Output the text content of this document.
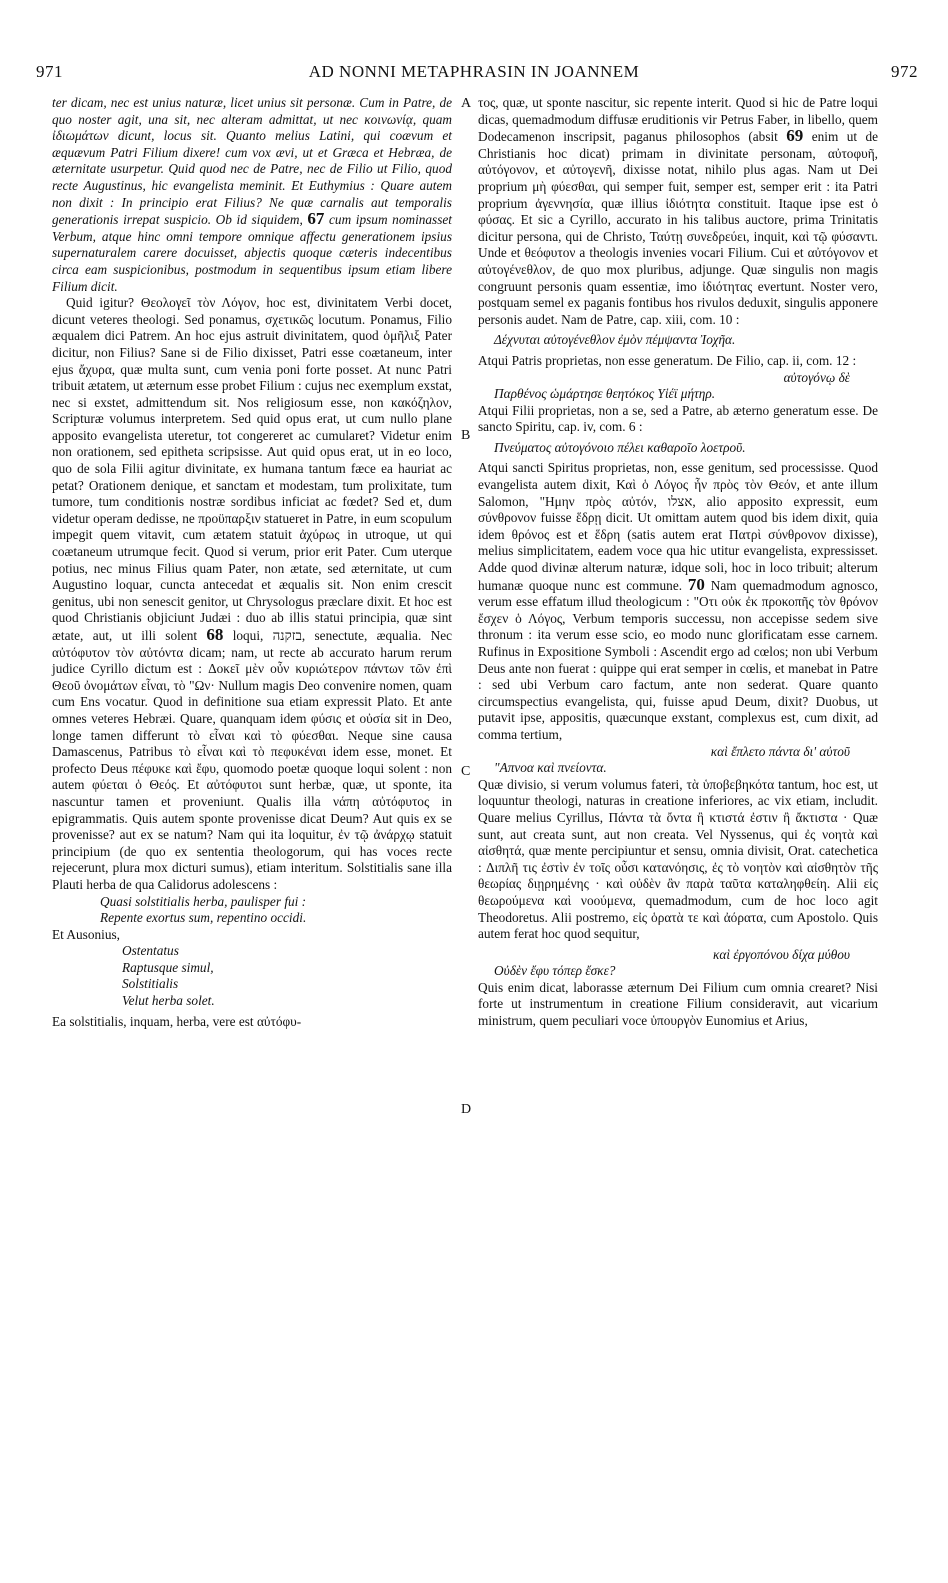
971	AD NONNI METAPHRASIN IN JOANNEM	972
A
B
C
D

ter dicam, nec est unius naturæ, licet unius sit personæ. Cum in Patre, de quo noster agit, una sit, nec alteram admittat, ut nec κοινωνίᾳ, quam ἰδιωμάτων dicunt, locus sit. Quanto melius Latini, qui coævum et æquævum Patri Filium dixere! cum vox ævi, ut et Græca et Hebræa, de æternitate usurpetur. Quid quod nec de Patre, nec de Filio ut Filio, quod recte Augustinus, hic evangelista meminit. Et Euthymius : Quare autem non dixit : In principio erat Filius? Ne quæ carnalis aut temporalis generationis irrepat suspicio. Ob id siquidem, 67 cum ipsum nominasset Verbum, atque hinc omni tempore omnique affectu generationem ipsius supernaturalem carere docuisset, abjectis quoque cæteris indecentibus circa eam suspicionibus, postmodum in sequentibus ipsum etiam libere Filium dicit.

Quid igitur? Θεολογεῖ τὸν Λόγον, hoc est, divinitatem Verbi docet, dicunt veteres theologi. Sed ponamus, σχετικῶς locutum. Ponamus, Filio æqualem dici Patrem. An hoc ejus astruit divinitatem, quod ὁμῆλιξ Pater dicitur, non Filius? Sane si de Filio dixisset, Patri esse coætaneum, inter ejus ἄχυρα, quæ multa sunt, cum venia poni forte posset. At nunc Patri tribuit ætatem, ut æternum esse probet Filium : cujus nec exemplum exstat, nec si exstet, admittendum sit. Nos religiosum esse, non κακόζηλον, Scripturæ volumus interpretem. Sed quid opus erat, ut cum nullo plane apposito evangelista uteretur, tot congereret ac cumularet? Videtur enim non orationem, sed epitheta scripsisse. Aut quid opus erat, ut in eo loco, quo de sola Filii agitur divinitate, ex humana tantum fæce ea hauriat ac petat? Orationem denique, et sanctam et modestam, tum prolixitate, tum tumore, tum conditionis nostræ sordibus inficiat ac fœdet? Sed et, dum videtur operam dedisse, ne προϋπαρξιν statueret in Patre, in eum scopulum impegit quem vitavit, cum ætatem statuit ἀχύρως in utroque, ut qui coætaneum utrumque fecit. Quod si verum, prior erit Pater. Cum uterque potius, nec minus Filius quam Pater, non ætate, sed æternitate, ut cum Augustino loquar, cuncta antecedat et æqualis sit. Non enim crescit genitus, ubi non senescit genitor, ut Chrysologus præclare dixit. Et hoc est quod Christianis objiciunt Judæi : duo ab illis statui principia, quæ sint ætate, aut, ut illi solent 68 loqui, בזקנה, senectute, æqualia. Nec αὐτόφυτον τὸν αὐτόντα dicam; nam, ut recte ab accurato harum rerum judice Cyrillo dictum est : Δοκεῖ μὲν οὖν κυριώτερον πάντων τῶν ἐπὶ Θεοῦ ὀνομάτων εἶναι, τὸ "Ων· Nullum magis Deo convenire nomen, quam cum Ens vocatur. Quod in definitione sua etiam expressit Plato. Et ante omnes veteres Hebræi. Quare, quanquam idem φύσις et οὐσία sit in Deo, longe tamen differunt τὸ εἶναι καὶ τὸ φύεσθαι. Neque sine causa Damascenus, Patribus τὸ εἶναι καὶ τὸ πεφυκέναι idem esse, monet. Et profecto Deus πέφυκε καὶ ἔφυ, quomodo poetæ quoque loqui solent : non autem φύεται ὁ Θεός. Et αὐτόφυτοι sunt herbæ, quæ, ut sponte, ita nascuntur tamen et proveniunt. Qualis illa νάπη αὐτόφυτος in epigrammatis. Quis autem sponte provenisse dicat Deum? Aut quis ex se provenisse? aut ex se natum? Nam qui ita loquitur, ἐν τῷ ἀνάρχῳ statuit principium (de quo ex sententia theologorum, qui has voces recte rejecerunt, plura mox dicturi sumus), etiam interitum. Solstitialis sane illa Plauti herba de qua Calidorus adolescens :

Quasi solstitialis herba, paulisper fui :
Repente exortus sum, repentino occidi.

Et Ausonius,

Ostentatus
Raptusque simul,
Solstitialis
Velut herba solet.

Ea solstitialis, inquam, herba, vere est αὐτόφυ-

τος, quæ, ut sponte nascitur, sic repente interit. Quod si hic de Patre loqui dicas, quemadmodum diffusæ eruditionis vir Petrus Faber, in libello, quem Dodecamenon inscripsit, paganus philosophos (absit 69 enim ut de Christianis hoc dicat) primam in divinitate personam, αὐτοφυῆ, αὐτόγονον, et αὐτογενῆ, dixisse notat, nihilo plus agas. Nam ut Dei proprium μὴ φύεσθαι, qui semper fuit, semper est, semper erit : ita Patri proprium ἀγεννησία, quæ illius ἰδιότητα constituit. Itaque ipse est ὁ φύσας. Et sic a Cyrillo, accurato in his talibus auctore, prima Trinitatis dicitur persona, qui de Christo, Ταύτῃ συνεδρεύει, inquit, καὶ τῷ φύσαντι. Unde et θεόφυτον a theologis invenies vocari Filium. Cui et αὐτόγονον et αὐτογένεθλον, de quo mox pluribus, adjunge. Quæ singulis non magis congruunt personis quam essentiæ, imo ἰδιότητας evertunt. Noster vero, postquam semel ex paganis fontibus hos rivulos deduxit, singulis apponere personis audet. Nam de Patre, cap. xiii, com. 10 :

Δέχνυται αὐτογένεθλον ἐμὸν πέμψαντα Ἰοχῆα.

Atqui Patris proprietas, non esse generatum. De Filio, cap. ii, com. 12 :

αὐτογόνῳ δὲ
Παρθένος ὡμάρτησε θεητόκος Υἱέϊ μήτηρ.

Atqui Filii proprietas, non a se, sed a Patre, ab æterno generatum esse. De sancto Spiritu, cap. iv, com. 6 :

Πνεύματος αὐτογόνοιο πέλει καθαροῖο λοετροῦ.

Atqui sancti Spiritus proprietas, non, esse genitum, sed processisse. Quod evangelista autem dixit, Καὶ ὁ Λόγος ἦν πρὸς τὸν Θεόν, et ante illum Salomon, "Ημην πρὸς αὐτόν, אצלו, alio apposito expressit, eum σύνθρονον fuisse ἕδρῃ dicit. Ut omittam autem quod bis idem dixit, quia idem θρόνος est et ἕδρη (satis autem erat Πατρὶ σύνθρονον dixisse), melius simplicitatem, eadem voce qua hic utitur evangelista, expressisset. Adde quod divinæ alterum naturæ, idque soli, hoc in loco tribuit; alterum humanæ quoque nunc est commune. 70 Nam quemadmodum agnosco, verum esse effatum illud theologicum : "Οτι οὐκ ἐκ προκοπῆς τὸν θρόνον ἔσχεν ὁ Λόγος, Verbum temporis successu, non accepisse sedem sive thronum : ita verum esse scio, eo modo nunc glorificatam esse carnem. Rufinus in Expositione Symboli : Ascendit ergo ad cœlos; non ubi Verbum Deus ante non fuerat : quippe qui erat semper in cœlis, et manebat in Patre : sed ubi Verbum caro factum, ante non sederat. Quare quanto circumspectius evangelista, qui, fuisse apud Deum, dixit? Duobus, ut putavit ipse, appositis, quæcunque exstant, complexus est, cum dixit, ad comma tertium,

καὶ ἔπλετο πάντα δι' αὐτοῦ
"Απνοα καὶ πνείοντα.

Quæ divisio, si verum volumus fateri, τὰ ὑποβεβηκότα tantum, hoc est, ut loquuntur theologi, naturas in creatione inferiores, ac vix etiam, includit. Quare melius Cyrillus, Πάντα τὰ ὄντα ἢ κτιστά ἐστιν ἢ ἄκτιστα · Quæ sunt, aut creata sunt, aut non creata. Vel Nyssenus, qui ἐς νοητὰ καὶ αἰσθητά, quæ mente percipiuntur et sensu, omnia divisit, Orat. catechetica : Διπλῆ τις ἐστὶν ἐν τοῖς οὖσι κατανόησις, ἐς τὸ νοητὸν καὶ αἰσθητὸν τῆς θεωρίας διῃρημένης · καὶ οὐδὲν ἂν παρὰ ταῦτα καταληφθείη. Alii εἰς θεωρούμενα καὶ νοούμενα, quemadmodum, cum de hoc loco agit Theodoretus. Alii postremo, εἰς ὁρατὰ τε καὶ ἀόρατα, cum Apostolo. Quis autem ferat hoc quod sequitur,

καὶ ἐργοπόνου δίχα μύθου
Οὐδὲν ἔφυ τόπερ ἔσκε?

Quis enim dicat, laborasse æternum Dei Filium cum omnia crearet? Nisi forte ut instrumentum in creatione Filium consideravit, aut vicarium ministrum, quem peculiari voce ὑπουργὸν Eunomius et Arius,
